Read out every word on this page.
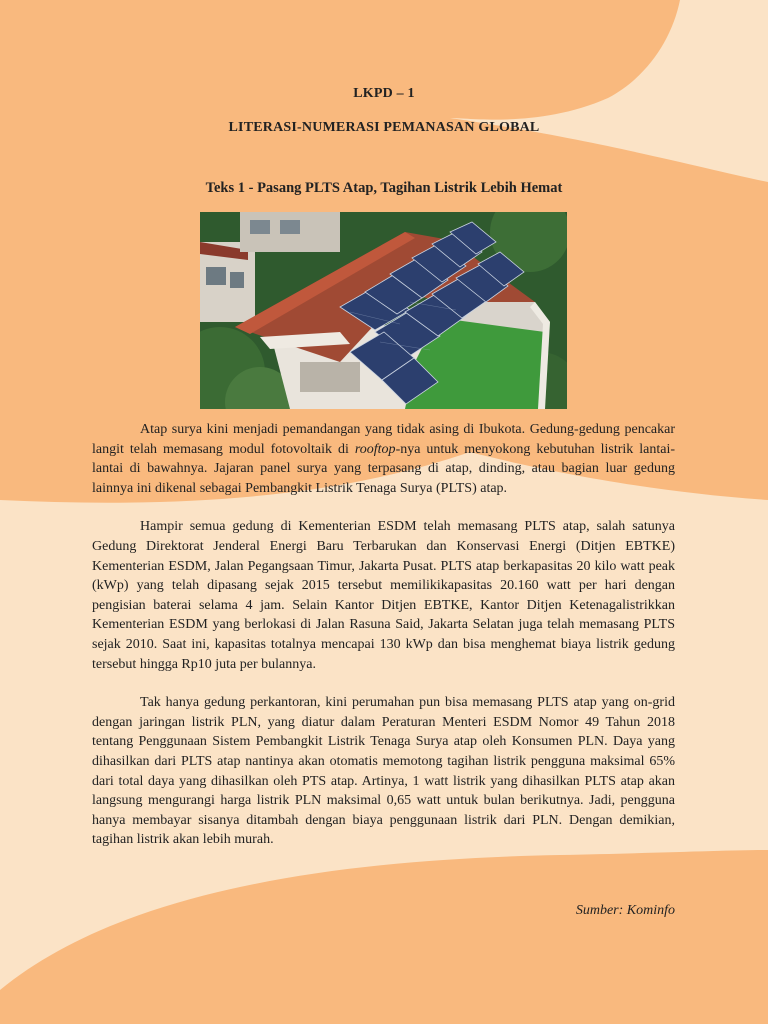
LKPD – 1
LITERASI-NUMERASI PEMANASAN GLOBAL
Teks 1 - Pasang PLTS Atap, Tagihan Listrik Lebih Hemat

Atap surya kini menjadi pemandangan yang tidak asing di Ibukota. Gedung-gedung pencakar langit telah memasang modul fotovoltaik di rooftop-nya untuk menyokong kebutuhan listrik lantai-lantai di bawahnya. Jajaran panel surya yang terpasang di atap, dinding, atau bagian luar gedung lainnya ini dikenal sebagai Pembangkit Listrik Tenaga Surya (PLTS) atap.

Hampir semua gedung di Kementerian ESDM telah memasang PLTS atap, salah satunya Gedung Direktorat Jenderal Energi Baru Terbarukan dan Konservasi Energi (Ditjen EBTKE) Kementerian ESDM, Jalan Pegangsaan Timur, Jakarta Pusat. PLTS atap berkapasitas 20 kilo watt peak (kWp) yang telah dipasang sejak 2015 tersebut memilikikapasitas 20.160 watt per hari dengan pengisian baterai selama 4 jam. Selain Kantor Ditjen EBTKE, Kantor Ditjen Ketenagalistrikkan Kementerian ESDM yang berlokasi di Jalan Rasuna Said, Jakarta Selatan juga telah memasang PLTS sejak 2010. Saat ini, kapasitas totalnya mencapai 130 kWp dan bisa menghemat biaya listrik gedung tersebut hingga Rp10 juta per bulannya.

Tak hanya gedung perkantoran, kini perumahan pun bisa memasang PLTS atap yang on-grid dengan jaringan listrik PLN, yang diatur dalam Peraturan Menteri ESDM Nomor 49 Tahun 2018 tentang Penggunaan Sistem Pembangkit Listrik Tenaga Surya atap oleh Konsumen PLN. Daya yang dihasilkan dari PLTS atap nantinya akan otomatis memotong tagihan listrik pengguna maksimal 65% dari total daya yang dihasilkan oleh PTS atap. Artinya, 1 watt listrik yang dihasilkan PLTS atap akan langsung mengurangi harga listrik PLN maksimal 0,65 watt untuk bulan berikutnya. Jadi, pengguna hanya membayar sisanya ditambah dengan biaya penggunaan listrik dari PLN. Dengan demikian, tagihan listrik akan lebih murah.

Sumber: Kominfo
